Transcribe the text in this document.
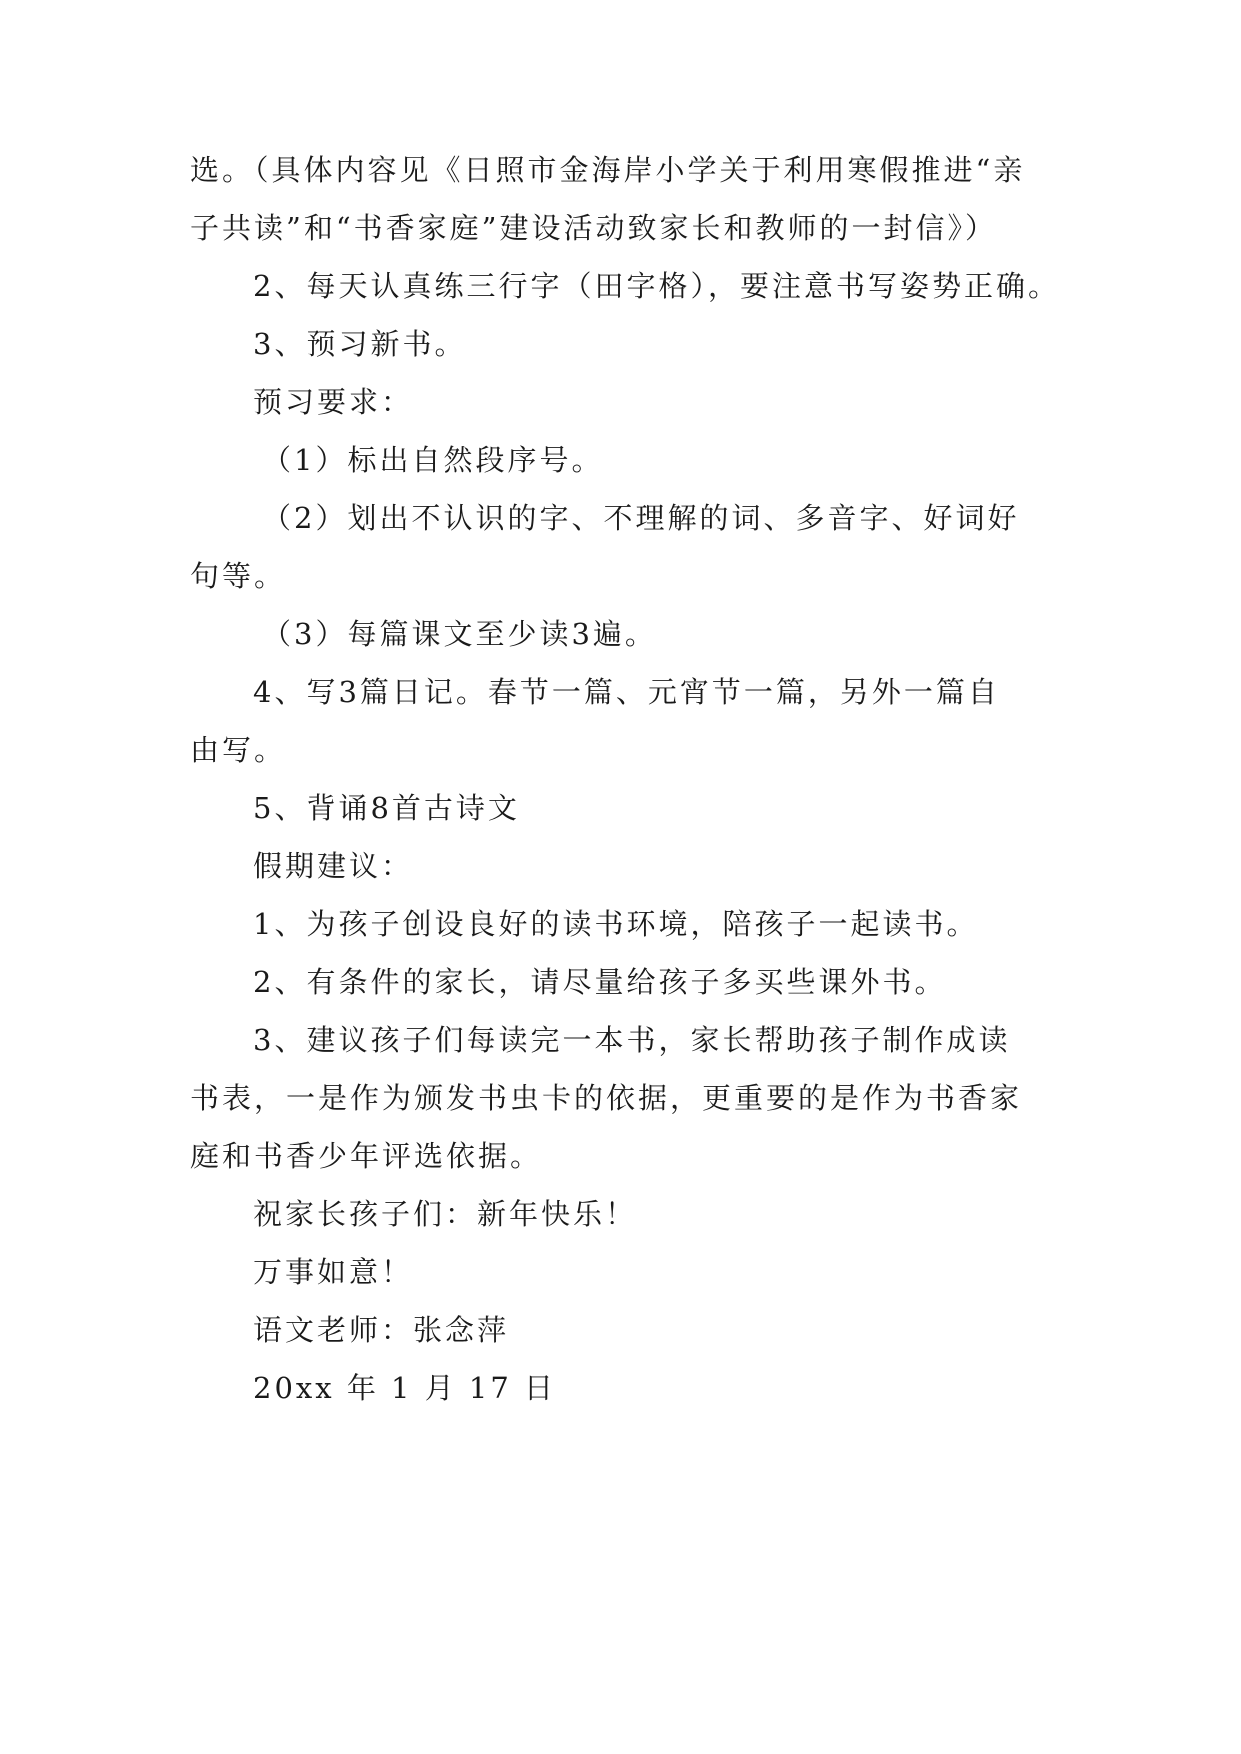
选。（具体内容见《日照市金海岸小学关于利用寒假推进“亲
子共读”和“书香家庭”建设活动致家长和教师的一封信》）
2、每天认真练三行字（田字格），要注意书写姿势正确。
3、预习新书。
预习要求：
（1）标出自然段序号。
（2）划出不认识的字、不理解的词、多音字、好词好
句等。
（3）每篇课文至少读3遍。
4、写3篇日记。春节一篇、元宵节一篇，另外一篇自
由写。
5、背诵8首古诗文
假期建议：
1、为孩子创设良好的读书环境，陪孩子一起读书。
2、有条件的家长，请尽量给孩子多买些课外书。
3、建议孩子们每读完一本书，家长帮助孩子制作成读
书表，一是作为颁发书虫卡的依据，更重要的是作为书香家
庭和书香少年评选依据。
祝家长孩子们：新年快乐！
万事如意！
语文老师：张念萍
20xx 年 1 月 17 日
